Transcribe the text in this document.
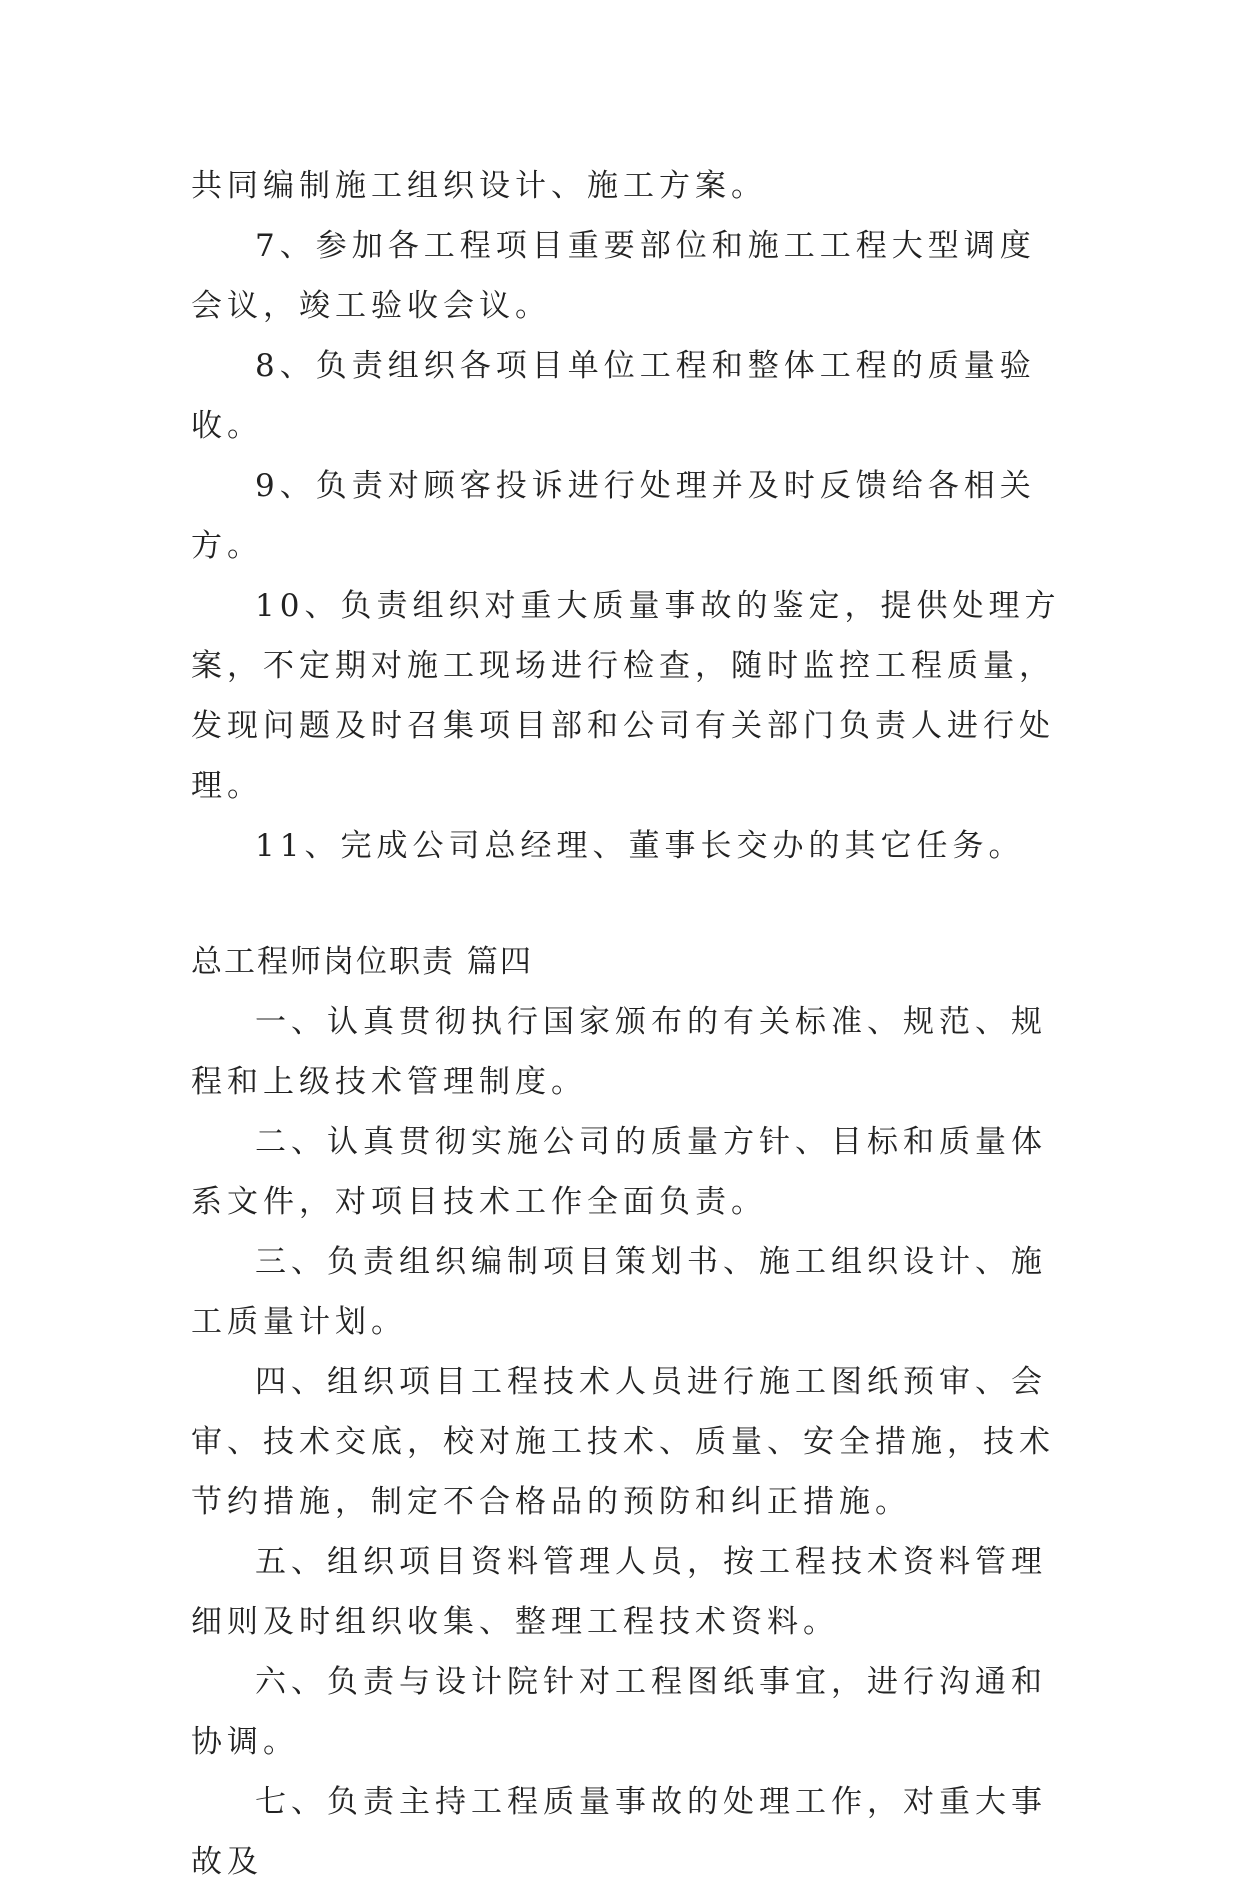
共同编制施工组织设计、施工方案。

7、参加各工程项目重要部位和施工工程大型调度会议，竣工验收会议。

8、负责组织各项目单位工程和整体工程的质量验收。

9、负责对顾客投诉进行处理并及时反馈给各相关方。

10、负责组织对重大质量事故的鉴定，提供处理方案，不定期对施工现场进行检查，随时监控工程质量，发现问题及时召集项目部和公司有关部门负责人进行处理。

11、完成公司总经理、董事长交办的其它任务。

总工程师岗位职责 篇四

一、认真贯彻执行国家颁布的有关标准、规范、规程和上级技术管理制度。

二、认真贯彻实施公司的质量方针、目标和质量体系文件，对项目技术工作全面负责。

三、负责组织编制项目策划书、施工组织设计、施工质量计划。

四、组织项目工程技术人员进行施工图纸预审、会审、技术交底，校对施工技术、质量、安全措施，技术节约措施，制定不合格品的预防和纠正措施。

五、组织项目资料管理人员，按工程技术资料管理细则及时组织收集、整理工程技术资料。

六、负责与设计院针对工程图纸事宜，进行沟通和协调。

七、负责主持工程质量事故的处理工作，对重大事故及
